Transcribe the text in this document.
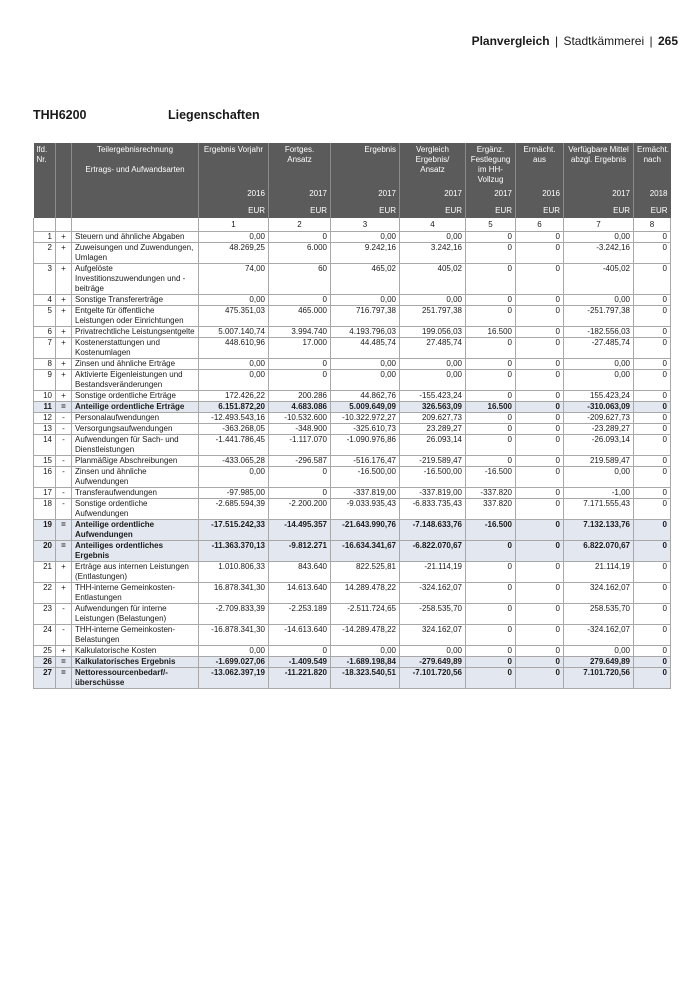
Planvergleich | Stadtkämmerei | 265
THH6200	Liegenschaften
lfd. Nr.		Teilergebnisrechnung
Ertrags- und Aufwandsarten	Ergebnis Vorjahr	Fortges. Ansatz	Ergebnis	Vergleich Ergebnis/ Ansatz	Ergänz. Festlegung im HH-Vollzug	Ermächt. aus	Verfügbare Mittel abzgl. Ergebnis	Ermächt. nach
			2016	2017	2017	2017	2017	2016	2017	2018
			EUR	EUR	EUR	EUR	EUR	EUR	EUR	EUR
			1	2	3	4	5	6	7	8
1	+	Steuern und ähnliche Abgaben	0,00	0	0,00	0,00	0	0	0,00	0
2	+	Zuweisungen und Zuwendungen, Umlagen	48.269,25	6.000	9.242,16	3.242,16	0	0	-3.242,16	0
3	+	Aufgelöste Investitionszuwendungen und -beiträge	74,00	60	465,02	405,02	0	0	-405,02	0
4	+	Sonstige Transfererträge	0,00	0	0,00	0,00	0	0	0,00	0
5	+	Entgelte für öffentliche Leistungen oder Einrichtungen	475.351,03	465.000	716.797,38	251.797,38	0	0	-251.797,38	0
6	+	Privatrechtliche Leistungsentgelte	5.007.140,74	3.994.740	4.193.796,03	199.056,03	16.500	0	-182.556,03	0
7	+	Kostenerstattungen und Kostenumlagen	448.610,96	17.000	44.485,74	27.485,74	0	0	-27.485,74	0
8	+	Zinsen und ähnliche Erträge	0,00	0	0,00	0,00	0	0	0,00	0
9	+	Aktivierte Eigenleistungen und Bestandsveränderungen	0,00	0	0,00	0,00	0	0	0,00	0
10	+	Sonstige ordentliche Erträge	172.426,22	200.286	44.862,76	-155.423,24	0	0	155.423,24	0
11	=	Anteilige ordentliche Erträge	6.151.872,20	4.683.086	5.009.649,09	326.563,09	16.500	0	-310.063,09	0
12	-	Personalaufwendungen	-12.493.543,16	-10.532.600	-10.322.972,27	209.627,73	0	0	-209.627,73	0
13	-	Versorgungsaufwendungen	-363.268,05	-348.900	-325.610,73	23.289,27	0	0	-23.289,27	0
14	-	Aufwendungen für Sach- und Dienstleistungen	-1.441.786,45	-1.117.070	-1.090.976,86	26.093,14	0	0	-26.093,14	0
15	-	Planmäßige Abschreibungen	-433.065,28	-296.587	-516.176,47	-219.589,47	0	0	219.589,47	0
16	-	Zinsen und ähnliche Aufwendungen	0,00	0	-16.500,00	-16.500,00	-16.500	0	0,00	0
17	-	Transferaufwendungen	-97.985,00	0	-337.819,00	-337.819,00	-337.820	0	-1,00	0
18	-	Sonstige ordentliche Aufwendungen	-2.685.594,39	-2.200.200	-9.033.935,43	-6.833.735,43	337.820	0	7.171.555,43	0
19	=	Anteilige ordentliche Aufwendungen	-17.515.242,33	-14.495.357	-21.643.990,76	-7.148.633,76	-16.500	0	7.132.133,76	0
20	=	Anteiliges ordentliches Ergebnis	-11.363.370,13	-9.812.271	-16.634.341,67	-6.822.070,67	0	0	6.822.070,67	0
21	+	Erträge aus internen Leistungen (Entlastungen)	1.010.806,33	843.640	822.525,81	-21.114,19	0	0	21.114,19	0
22	+	THH-interne Gemeinkosten-Entlastungen	16.878.341,30	14.613.640	14.289.478,22	-324.162,07	0	0	324.162,07	0
23	-	Aufwendungen für interne Leistungen (Belastungen)	-2.709.833,39	-2.253.189	-2.511.724,65	-258.535,70	0	0	258.535,70	0
24	-	THH-interne Gemeinkosten-Belastungen	-16.878.341,30	-14.613.640	-14.289.478,22	324.162,07	0	0	-324.162,07	0
25	+	Kalkulatorische Kosten	0,00	0	0,00	0,00	0	0	0,00	0
26	=	Kalkulatorisches Ergebnis	-1.699.027,06	-1.409.549	-1.689.198,84	-279.649,89	0	0	279.649,89	0
27	=	Nettoressourcenbedarf/-überschüsse	-13.062.397,19	-11.221.820	-18.323.540,51	-7.101.720,56	0	0	7.101.720,56	0
